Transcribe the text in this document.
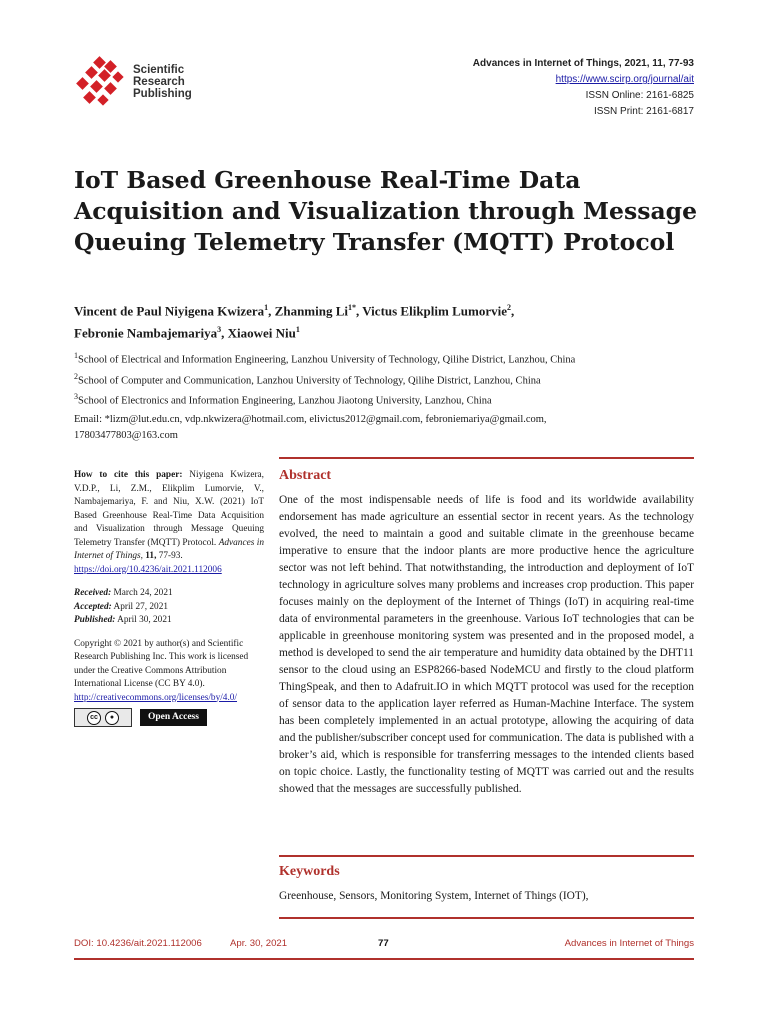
Scientific
Research
Publishing
Advances in Internet of Things, 2021, 11, 77-93
https://www.scirp.org/journal/ait
ISSN Online: 2161-6825
ISSN Print: 2161-6817
IoT Based Greenhouse Real-Time Data Acquisition and Visualization through Message Queuing Telemetry Transfer (MQTT) Protocol
Vincent de Paul Niyigena Kwizera$^1$, Zhanming $Li^{1*}$, Victus Elikplim Lumorvie$^2$,
Febronie Nambajemariya$^3$, Xiaowei Niu$^1$

$^1$School of Electrical and Information Engineering, Lanzhou University of Technology, Qilihe District, Lanzhou, China

$^2$School of Computer and Communication, Lanzhou University of Technology, Qilihe District, Lanzhou, China

$^3$School of Electronics and Information Engineering, Lanzhou Jiaotong University, Lanzhou, China

Email: *lizm@lut.edu.cn, vdp.nkwizera@hotmail.com, elivictus2012@gmail.com, febroniemariya@gmail.com,
17803477803@163.com

How to cite this paper: Niyigena Kwizera, V.D.P., Li, Z.M., Elikplim Lumorvie, V., Nambajemariya, F. and Niu, X.W. (2021) IoT Based Greenhouse Real-Time Data Acquisition and Visualization through Message Queuing Telemetry Transfer (MQTT) Protocol. Advances in Internet of Things, 11, 77-93.
https://doi.org/10.4236/ait.2021.112006

Received: March 24, 2021

Accepted: April 27, 2021

Published: April 30, 2021

Copyright © 2021 by author(s) and Scientific Research Publishing Inc. This work is licensed under the Creative Commons Attribution International License (CC BY 4.0).

http://creativecommons.org/licenses/by/4.0/

cc	●	Open Access
Abstract

One of the most indispensable needs of life is food and its worldwide availability endorsement has made agriculture an essential sector in recent years. As the technology evolved, the need to maintain a good and suitable climate in the greenhouse became imperative to ensure that the indoor plants are more productive hence the agriculture sector was not left behind. That notwithstanding, the introduction and deployment of IoT technology in agriculture solves many problems and increases crop production. This paper focuses mainly on the deployment of the Internet of Things (IoT) in acquiring real-time data of environmental parameters in the greenhouse. Various IoT technologies that can be applicable in greenhouse monitoring system was presented and in the proposed model, a method is developed to send the air temperature and humidity data obtained by the DHT11 sensor to the cloud using an ESP8266-based NodeMCU and firstly to the cloud platform ThingSpeak, and then to Adafruit.IO in which MQTT protocol was used for the reception of sensor data to the application layer referred as Human-Machine Interface. The system has been completely implemented in an actual prototype, allowing the acquiring of data and the publisher/subscriber concept used for communication. The data is published with a broker’s aid, which is responsible for transferring messages to the intended clients based on topic choice. Lastly, the functionality testing of MQTT was carried out and the results showed that the messages are successfully published.

Keywords

Greenhouse, Sensors, Monitoring System, Internet of Things (IOT),

DOI: 10.4236/ait.2021.112006	Apr. 30, 2021	77	Advances in Internet of Things
